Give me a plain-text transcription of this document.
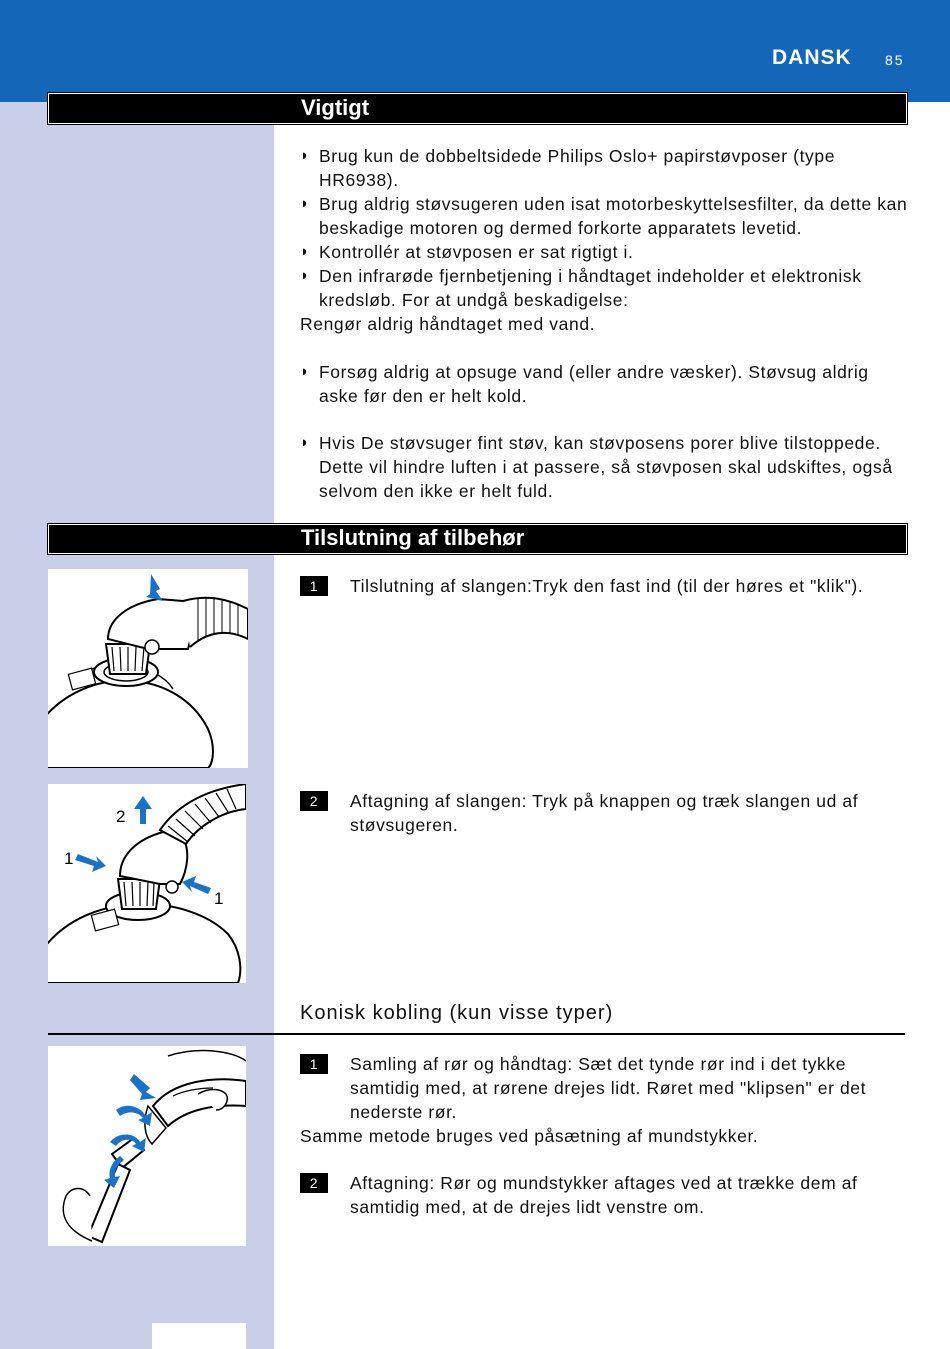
DANSK 85
Vigtigt
◗ Brug kun de dobbeltsidede Philips Oslo+ papirstøvposer (type HR6938).
◗ Brug aldrig støvsugeren uden isat motorbeskyttelsesfilter, da dette kan beskadige motoren og dermed forkorte apparatets levetid.
◗ Kontrollér at støvposen er sat rigtigt i.
◗ Den infrarøde fjernbetjening i håndtaget indeholder et elektronisk kredsløb. For at undgå beskadigelse:
Rengør aldrig håndtaget med vand.
◗ Forsøg aldrig at opsuge vand (eller andre væsker). Støvsug aldrig aske før den er helt kold.
◗ Hvis De støvsuger fint støv, kan støvposens porer blive tilstoppede. Dette vil hindre luften i at passere, så støvposen skal udskiftes, også selvom den ikke er helt fuld.
Tilslutning af tilbehør
1	Tilslutning af slangen:Tryk den fast ind (til der høres et "klik").
2
1
1
2	Aftagning af slangen: Tryk på knappen og træk slangen ud af støvsugeren.
Konisk kobling (kun visse typer)
1	Samling af rør og håndtag: Sæt det tynde rør ind i det tykke samtidig med, at rørene drejes lidt. Røret med "klipsen" er det nederste rør.
Samme metode bruges ved påsætning af mundstykker.
2	Aftagning: Rør og mundstykker aftages ved at trække dem af samtidig med, at de drejes lidt venstre om.
